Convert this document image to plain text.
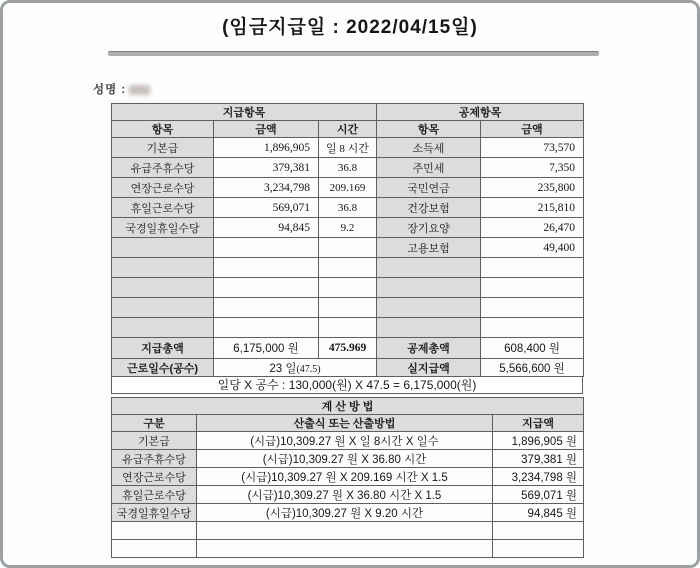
(임금지급일 : 2022/04/15일)
성명 :
지급항목			공제항목	
항목	금액	시간	항목	금액
기본급	1,896,905	일 8 시간	소득세	73,570
유급주휴수당	379,381	36.8	주민세	7,350
연장근로수당	3,234,798	209.169	국민연금	235,800
휴일근로수당	569,071	36.8	건강보험	215,810
국경일휴일수당	94,845	9.2	장기요양	26,470
			고용보험	49,400

지급총액	6,175,000 원	475.969	공제총액	608,400 원
근로일수(공수)	23 일(47.5)		실지급액	5,566,600 원
일당 X 공수 : 130,000(원) X 47.5 = 6,175,000(원)
계 산 방 법		
구분	산출식 또는 산출방법	지급액
기본급	(시급)10,309.27 원 X 일 8시간 X 일수	1,896,905 원
유급주휴수당	(시급)10,309.27 원 X 36.80 시간	379,381 원
연장근로수당	(시급)10,309.27 원 X 209.169 시간 X 1.5	3,234,798 원
휴일근로수당	(시급)10,309.27 원 X 36.80 시간 X 1.5	569,071 원
국경일휴일수당	(시급)10,309.27 원 X 9.20 시간	94,845 원
